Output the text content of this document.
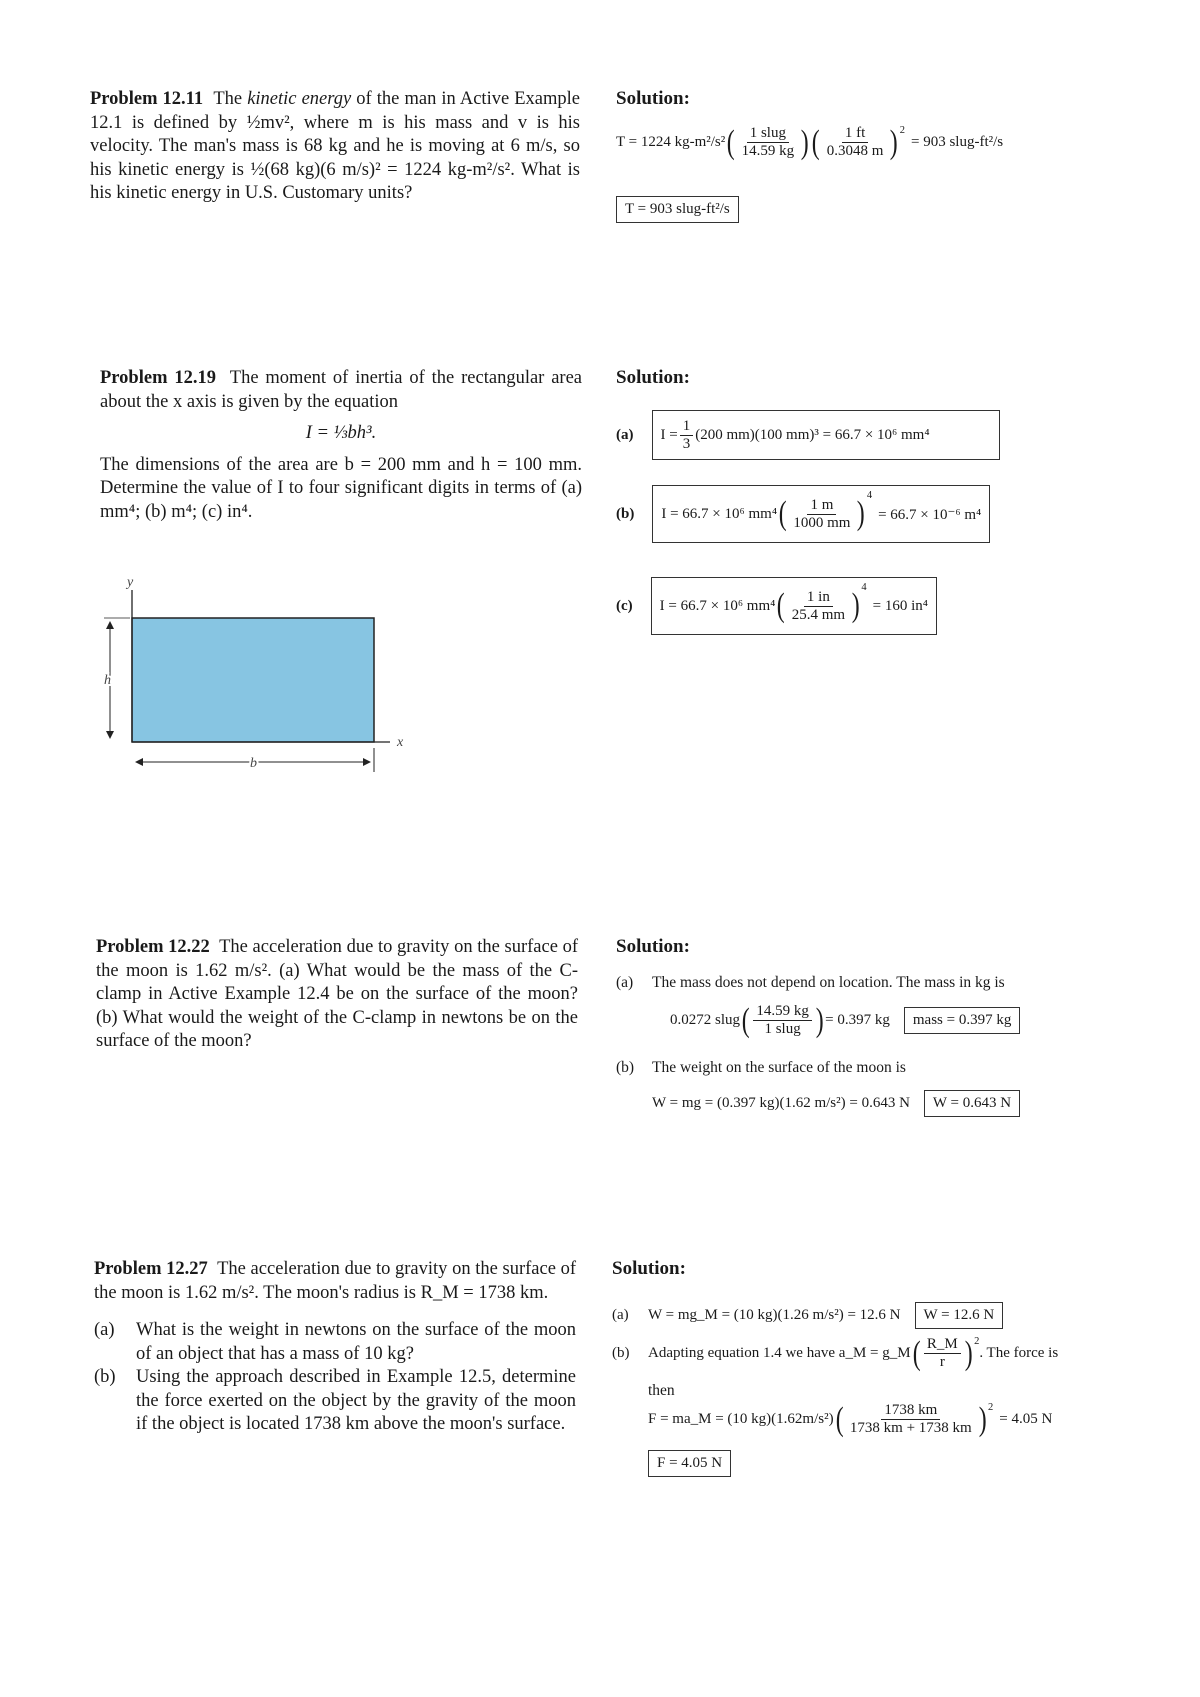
Problem 12.11 The kinetic energy of the man in Active Example 12.1 is defined by ½mv², where m is his mass and v is his velocity. The man's mass is 68 kg and he is moving at 6 m/s, so his kinetic energy is ½(68 kg)(6 m/s)² = 1224 kg-m²/s². What is his kinetic energy in U.S. Customary units?
Solution:
T = 1224 kg-m²/s² ( $\frac{\text{1 slug}}{14.59 kg}$ ) ( $\frac{1 ft}{0.3048 m} )^2$
= 903 slug-ft²/s
T = 903 slug-ft²/s
Problem 12.19 The moment of inertia of the rectangular area about the x axis is given by the equation
I = ⅓bh³.
The dimensions of the area are b = 200 mm and h = 100 mm. Determine the value of I to four significant digits in terms of (a) mm⁴; (b) m⁴; (c) in⁴.
Solution:
(a) $I = \frac{1}{3} (200$ mm)(100 mm)³ = 66.7 × 10⁶ mm⁴
(b) I = 66.7 × 10⁶ mm⁴ ( $\frac{1 m}{1000 mm} )^4$
= 66.7 × 10⁻⁶ m⁴
(c) I = 66.7 × 10⁶ mm⁴ ( $\frac{1 in}{25.4 mm} )^4$
= 160 in⁴
y
x
h
b
Problem 12.22 The acceleration due to gravity on the surface of the moon is 1.62 m/s². (a) What would be the mass of the C-clamp in Active Example 12.4 be on the surface of the moon? (b) What would the weight of the C-clamp in newtons be on the surface of the moon?
Solution:
(a)	The mass does not depend on location. The mass in kg is
0.0272 slug ( $\frac{14.59 kg}{\text{1 slug}}$ ) = 0.397 kg	mass = 0.397 kg
(b)	The weight on the surface of the moon is
W = mg = (0.397 kg)(1.62 m/s²) = 0.643 N	W = 0.643 N
Problem 12.27 The acceleration due to gravity on the surface of the moon is 1.62 m/s². The moon's radius is R_M = 1738 km.
(a)	What is the weight in newtons on the surface of the moon of an object that has a mass of 10 kg?
(b)	Using the approach described in Example 12.5, determine the force exerted on the object by the gravity of the moon if the object is located 1738 km above the moon's surface.
Solution:
(a)	W = mg_M = (10 kg)(1.26 m/s²) = 12.6 N	W = 12.6 N
(b)	Adapting equation 1.4 we have a_M = g_M ( $\frac{R\_M}{r} )^2$
. The force is
then
F = ma_M = (10 kg)(1.62m/s²) ( $\frac{1738 km}{1738 km + 1738 km} )^2$
= 4.05 N
F = 4.05 N
